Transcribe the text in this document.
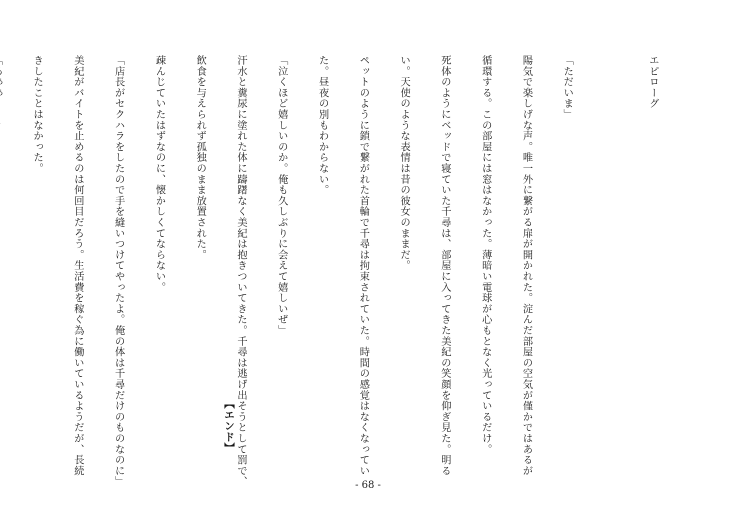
エピローグ

「ただいま」

陽気で楽しげな声。唯一外に繋がる扉が開かれた。淀んだ部屋の空気が僅かではあるが

循環する。この部屋には窓はなかった。薄暗い電球が心もとなく光っているだけ。

死体のようにベッドで寝ていた千尋は、部屋に入ってきた美紀の笑顔を仰ぎ見た。明る

い。天使のような表情は昔の彼女のままだ。

ペットのように鎖で繋がれた首輪で千尋は拘束されていた。時間の感覚はなくなってい

た。昼夜の別もわからない。

「泣くほど嬉しいのか。俺も久しぶりに会えて嬉しいぜ」

汗水と糞尿に塗れた体に躊躇なく美紀は抱きついてきた。千尋は逃げ出そうとして罰で、

飲食を与えられず孤独のまま放置された。

疎んじていたはずなのに、懐かしくてならない。

「店長がセクハラをしたので手を縫いつけてやったよ。俺の体は千尋だけのものなのに」

美紀がバイトを止めるのは何回目だろう。生活費を稼ぐ為に働いているようだが、長続

きしたことはなかった。

【エンド】
- 68 -
